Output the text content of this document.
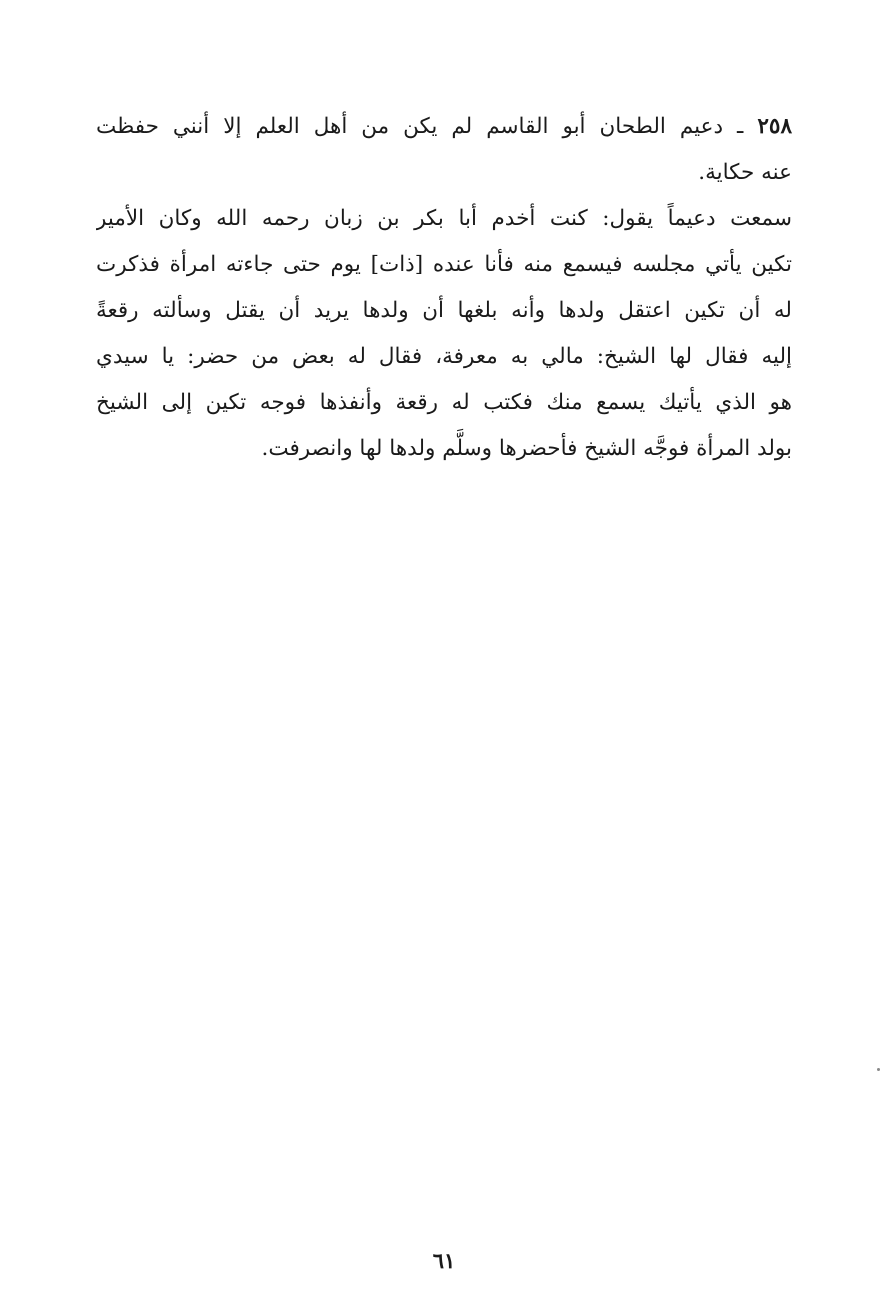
٢٥٨ ـ دعيم الطحان أبو القاسم لم يكن من أهل العلم إلا أنني حفظت
عنه حكاية.
سمعت دعيماً يقول: كنت أخدم أبا بكر بن زبان رحمه الله وكان الأمير
تكين يأتي مجلسه فيسمع منه فأنا عنده [ذات] يوم حتى جاءته امرأة فذكرت
له أن تكين اعتقل ولدها وأنه بلغها أن ولدها يريد أن يقتل وسألته رقعةً
إليه فقال لها الشيخ: مالي به معرفة، فقال له بعض من حضر: يا سيدي
هو الذي يأتيك يسمع منك فكتب له رقعة وأنفذها فوجه تكين إلى الشيخ
بولد المرأة فوجَّه الشيخ فأحضرها وسلَّم ولدها لها وانصرفت.
٦١
